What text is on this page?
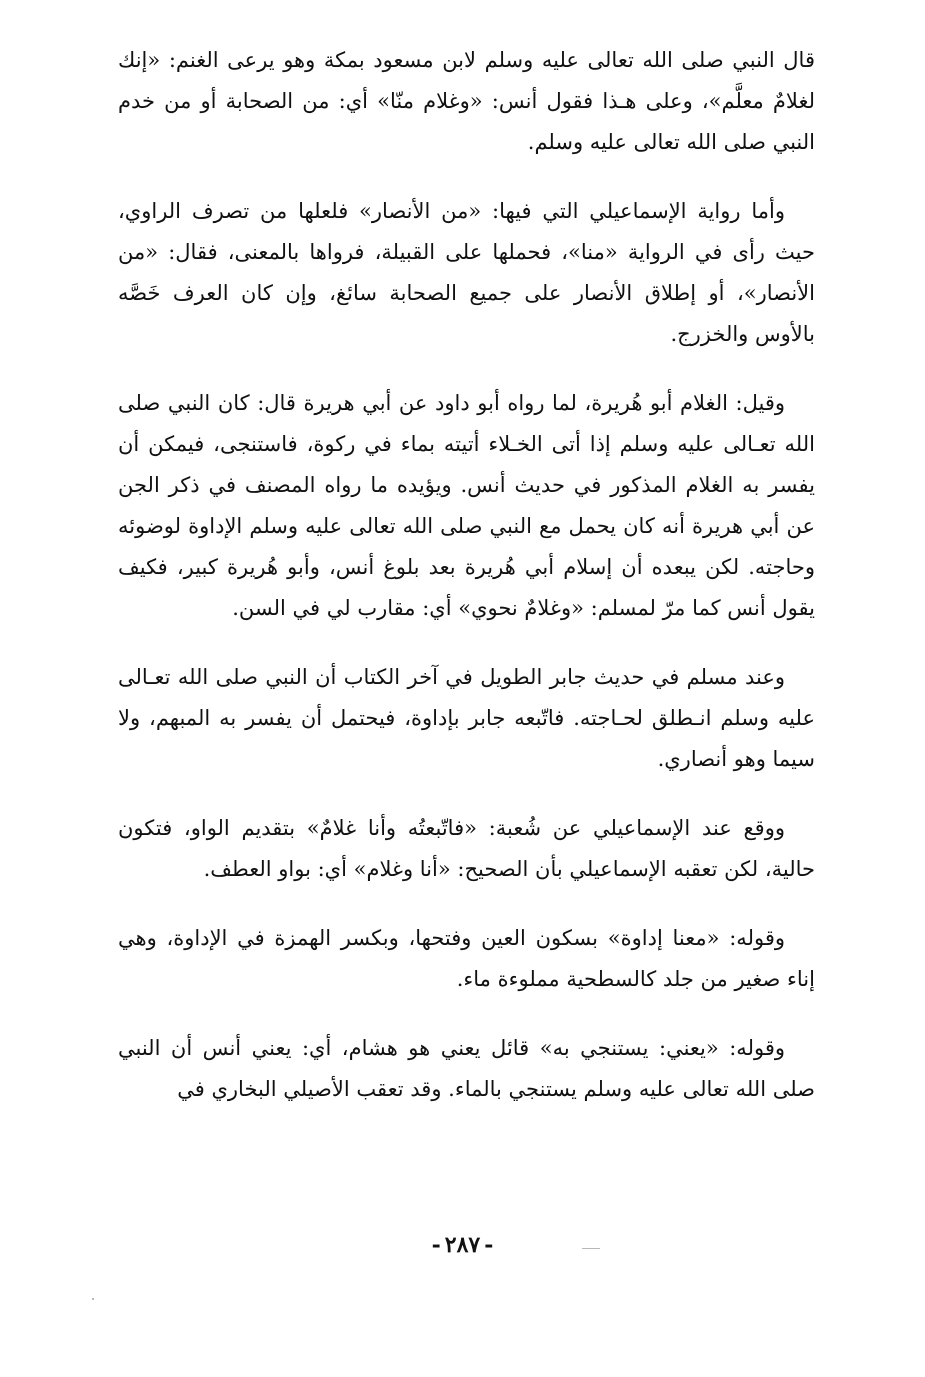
قال النبي صلى الله تعالى عليه وسلم لابن مسعود بمكة وهو يرعى الغنم: «إنك لغلامٌ معلَّم»، وعلى هـذا فقول أنس: «وغلام منّا» أي: من الصحابة أو من خدم النبي صلى الله تعالى عليه وسلم.

وأما رواية الإسماعيلي التي فيها: «من الأنصار» فلعلها من تصرف الراوي، حيث رأى في الرواية «منا»، فحملها على القبيلة، فرواها بالمعنى، فقال: «من الأنصار»، أو إطلاق الأنصار على جميع الصحابة سائغ، وإن كان العرف خَصَّه بالأوس والخزرج.

وقيل: الغلام أبو هُريرة، لما رواه أبو داود عن أبي هريرة قال: كان النبي صلى الله تعـالى عليه وسلم إذا أتى الخـلاء أتيته بماء في ركوة، فاستنجى، فيمكن أن يفسر به الغلام المذكور في حديث أنس. ويؤيده ما رواه المصنف في ذكر الجن عن أبي هريرة أنه كان يحمل مع النبي صلى الله تعالى عليه وسلم الإداوة لوضوئه وحاجته. لكن يبعده أن إسلام أبي هُريرة بعد بلوغ أنس، وأبو هُريرة كبير، فكيف يقول أنس كما مرّ لمسلم: «وغلامٌ نحوي» أي: مقارب لي في السن.

وعند مسلم في حديث جابر الطويل في آخر الكتاب أن النبي صلى الله تعـالى عليه وسلم انـطلق لحـاجته. فاتّبعه جابر بإداوة، فيحتمل أن يفسر به المبهم، ولا سيما وهو أنصاري.

ووقع عند الإسماعيلي عن شُعبة: «فاتّبعتُه وأنا غلامٌ» بتقديم الواو، فتكون حالية، لكن تعقبه الإسماعيلي بأن الصحيح: «أنا وغلام» أي: بواو العطف.

وقوله: «معنا إداوة» بسكون العين وفتحها، وبكسر الهمزة في الإداوة، وهي إناء صغير من جلد كالسطحية مملوءة ماء.

وقوله: «يعني: يستنجي به» قائل يعني هو هشام، أي: يعني أنس أن النبي صلى الله تعالى عليه وسلم يستنجي بالماء. وقد تعقب الأصيلي البخاري في

-٢٨٧-
